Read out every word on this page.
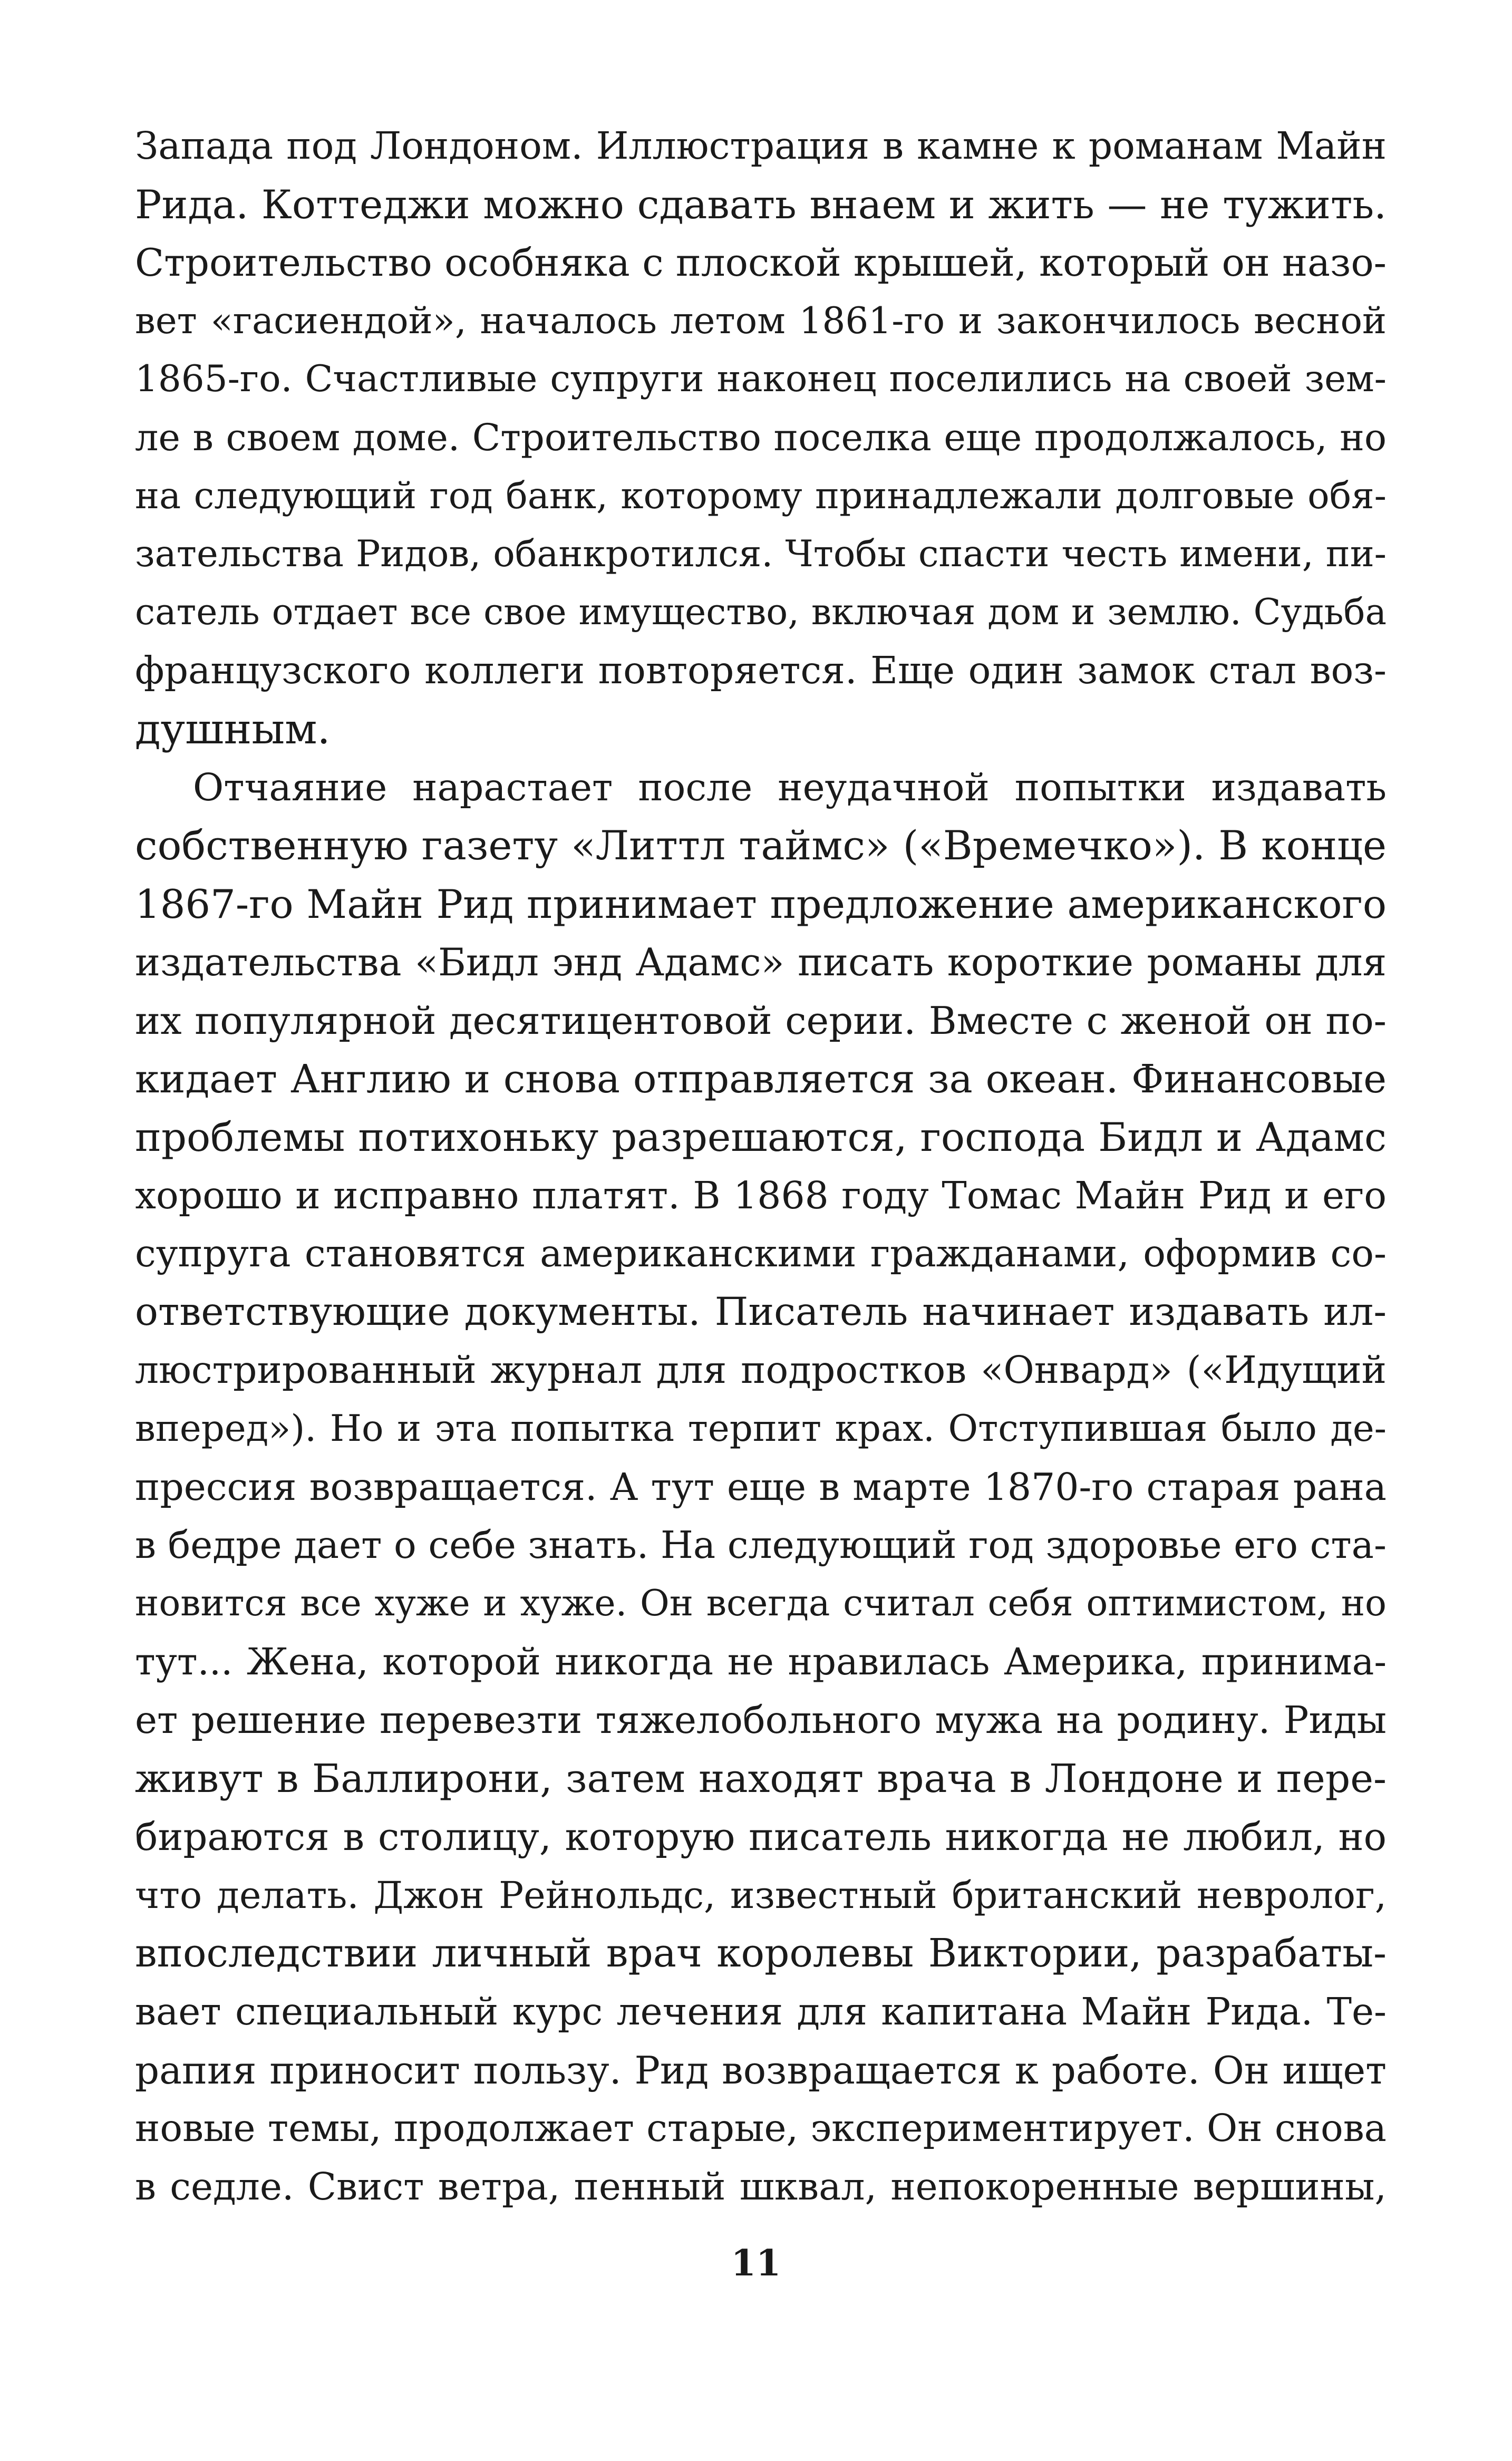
Запада под Лондоном. Иллюстрация в камне к романам Майн
Рида. Коттеджи можно сдавать внаем и жить — не тужить.
Строительство особняка с плоской крышей, который он назо-
вет «гасиендой», началось летом 1861-го и закончилось весной
1865-го. Счастливые супруги наконец поселились на своей зем-
ле в своем доме. Строительство поселка еще продолжалось, но
на следующий год банк, которому принадлежали долговые обя-
зательства Ридов, обанкротился. Чтобы спасти честь имени, пи-
сатель отдает все свое имущество, включая дом и землю. Судьба
французского коллеги повторяется. Еще один замок стал воз-
душным.
Отчаяние нарастает после неудачной попытки издавать
собственную газету «Литтл таймс» («Времечко»). В конце
1867-го Майн Рид принимает предложение американского
издательства «Бидл энд Адамс» писать короткие романы для
их популярной десятицентовой серии. Вместе с женой он по-
кидает Англию и снова отправляется за океан. Финансовые
проблемы потихоньку разрешаются, господа Бидл и Адамс
хорошо и исправно платят. В 1868 году Томас Майн Рид и его
супруга становятся американскими гражданами, оформив со-
ответствующие документы. Писатель начинает издавать ил-
люстрированный журнал для подростков «Онвард» («Идущий
вперед»). Но и эта попытка терпит крах. Отступившая было де-
прессия возвращается. А тут еще в марте 1870-го старая рана
в бедре дает о себе знать. На следующий год здоровье его ста-
новится все хуже и хуже. Он всегда считал себя оптимистом, но
тут... Жена, которой никогда не нравилась Америка, принима-
ет решение перевезти тяжелобольного мужа на родину. Риды
живут в Баллирони, затем находят врача в Лондоне и пере-
бираются в столицу, которую писатель никогда не любил, но
что делать. Джон Рейнольдс, известный британский невролог,
впоследствии личный врач королевы Виктории, разрабаты-
вает специальный курс лечения для капитана Майн Рида. Те-
рапия приносит пользу. Рид возвращается к работе. Он ищет
новые темы, продолжает старые, экспериментирует. Он снова
в седле. Свист ветра, пенный шквал, непокоренные вершины,
11
